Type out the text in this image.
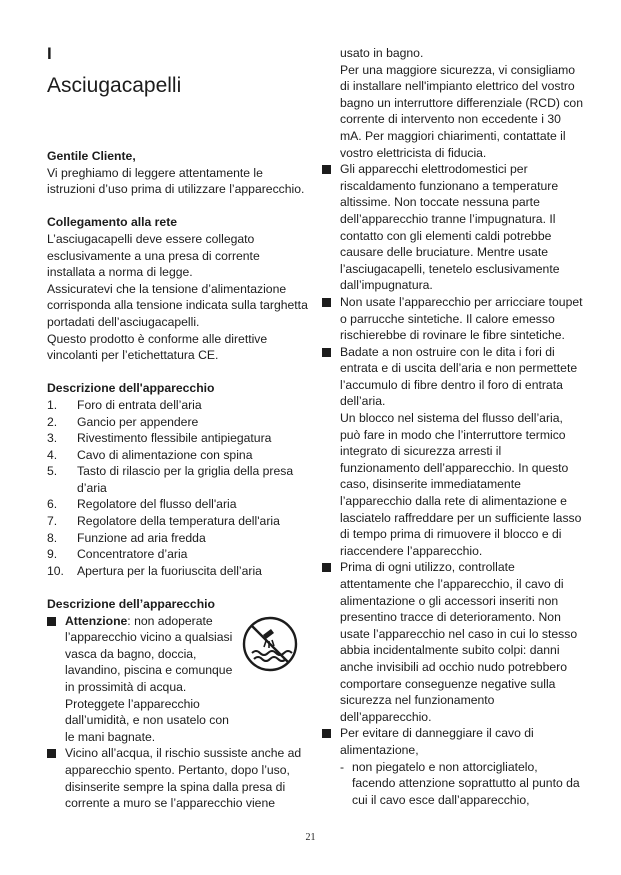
I
Asciugacapelli

Gentile Cliente,

Vi preghiamo di leggere attentamente le istruzioni d’uso prima di utilizzare l’apparecchio.

Collegamento alla rete

L’asciugacapelli deve essere collegato esclusivamente a una presa di corrente installata a norma di legge.

Assicuratevi che la tensione d’alimentazione corrisponda alla tensione indicata sulla targhetta portadati dell’asciugacapelli.

Questo prodotto è conforme alle direttive vincolanti per l’etichettatura CE.

Descrizione dell'apparecchio

1.	Foro di entrata dell’aria
2.	Gancio per appendere
3.	Rivestimento flessibile antipiegatura
4.	Cavo di alimentazione con spina
5.	Tasto di rilascio per la griglia della presa d’aria
6.	Regolatore del flusso dell'aria
7.	Regolatore della temperatura dell'aria
8.	Funzione ad aria fredda
9.	Concentratore d’aria
10.	Apertura per la fuoriuscita dell’aria

Descrizione dell’apparecchio

Attenzione: non adoperate l’apparecchio vicino a qualsiasi vasca da bagno, doccia, lavandino, piscina e comunque in prossimità di acqua. Proteggete l’apparecchio dall’umidità, e non usatelo con le mani bagnate.
Vicino all’acqua, il rischio sussiste anche ad apparecchio spento. Pertanto, dopo l’uso, disinserite sempre la spina dalla presa di corrente a muro se l’apparecchio viene

usato in bagno.

Per una maggiore sicurezza, vi consigliamo di installare nell'impianto elettrico del vostro bagno un interruttore differenziale (RCD) con corrente di intervento non eccedente i 30 mA. Per maggiori chiarimenti, contattate il vostro elettricista di fiducia.

Gli apparecchi elettrodomestici per riscaldamento funzionano a temperature altissime. Non toccate nessuna parte dell’apparecchio tranne l’impugnatura. Il contatto con gli elementi caldi potrebbe causare delle bruciature. Mentre usate l’asciugacapelli, tenetelo esclusivamente dall’impugnatura.
Non usate l’apparecchio per arricciare toupet o parrucche sintetiche. Il calore emesso rischierebbe di rovinare le fibre sintetiche.
Badate a non ostruire con le dita i fori di entrata e di uscita dell’aria e non permettete l’accumulo di fibre dentro il foro di entrata dell’aria.
Un blocco nel sistema del flusso dell’aria, può fare in modo che l’interruttore termico integrato di sicurezza arresti il funzionamento dell’apparecchio. In questo caso, disinserite immediatamente l’apparecchio dalla rete di alimentazione e lasciatelo raffreddare per un sufficiente lasso di tempo prima di rimuovere il blocco e di riaccendere l’apparecchio.
Prima di ogni utilizzo, controllate attentamente che l’apparecchio, il cavo di alimentazione o gli accessori inseriti non presentino tracce di deterioramento. Non usate l’apparecchio nel caso in cui lo stesso abbia incidentalmente subito colpi: danni anche invisibili ad occhio nudo potrebbero comportare conseguenze negative sulla sicurezza nel funzionamento dell’apparecchio.
Per evitare di danneggiare il cavo di alimentazione,
- non piegatelo e non attorcigliatelo, facendo attenzione soprattutto al punto da cui il cavo esce dall’apparecchio,
21
